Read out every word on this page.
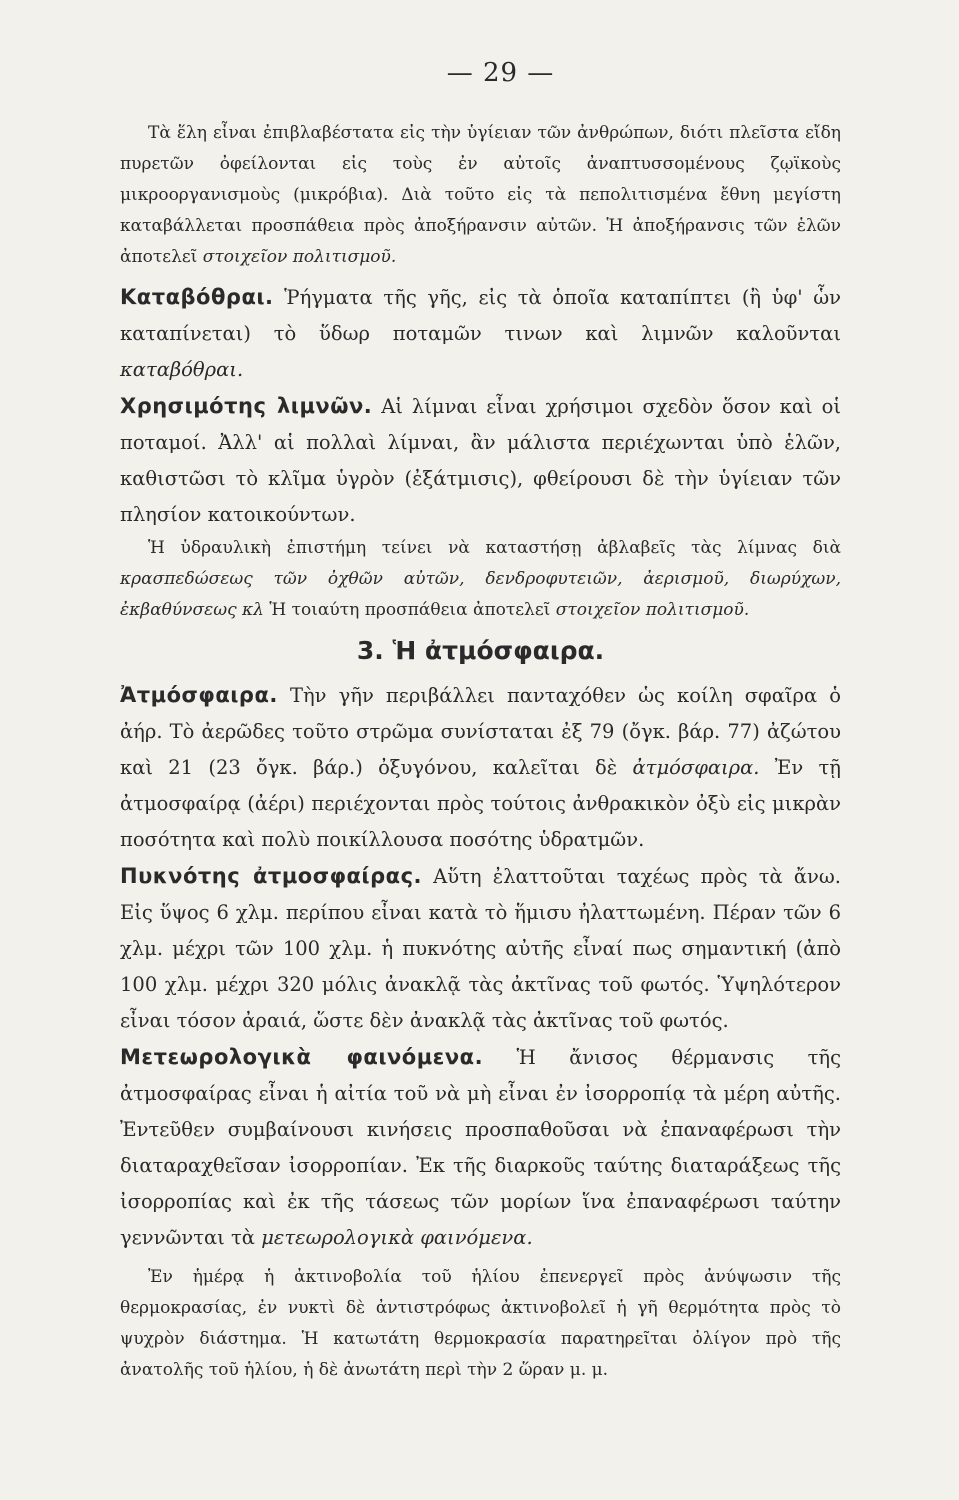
— 29 —

Τὰ ἕλη εἶναι ἐπιβλαβέστατα εἰς τὴν ὑγίειαν τῶν ἀνθρώπων, διότι πλεῖστα εἴδη πυρετῶν ὀφείλονται εἰς τοὺς ἐν αὐτοῖς ἀναπτυσσομένους ζῳϊκοὺς μικροοργανισμοὺς (μικρόβια). Διὰ τοῦτο εἰς τὰ πεπολιτισμένα ἔθνη μεγίστη καταβάλλεται προσπάθεια πρὸς ἀποξήρανσιν αὐτῶν. Ἡ ἀποξήρανσις τῶν ἑλῶν ἀποτελεῖ στοιχεῖον πολιτισμοῦ.

Καταβόθραι. Ῥήγματα τῆς γῆς, εἰς τὰ ὁποῖα καταπίπτει (ἢ ὑφ' ὧν καταπίνεται) τὸ ὕδωρ ποταμῶν τινων καὶ λιμνῶν καλοῦνται καταβόθραι.

Χρησιμότης λιμνῶν. Αἱ λίμναι εἶναι χρήσιμοι σχεδὸν ὅσον καὶ οἱ ποταμοί. Ἀλλ' αἱ πολλαὶ λίμναι, ἂν μάλιστα περιέχωνται ὑπὸ ἑλῶν, καθιστῶσι τὸ κλῖμα ὑγρὸν (ἐξάτμισις), φθείρουσι δὲ τὴν ὑγίειαν τῶν πλησίον κατοικούντων.

Ἡ ὑδραυλικὴ ἐπιστήμη τείνει νὰ καταστήσῃ ἀβλαβεῖς τὰς λίμνας διὰ κρασπεδώσεως τῶν ὀχθῶν αὐτῶν, δενδροφυτειῶν, ἀερισμοῦ, διωρύχων, ἐκβαθύνσεως κλ Ἡ τοιαύτη προσπάθεια ἀποτελεῖ στοιχεῖον πολιτισμοῦ.

3. Ἡ ἀτμόσφαιρα.

Ἀτμόσφαιρα. Τὴν γῆν περιβάλλει πανταχόθεν ὡς κοίλη σφαῖρα ὁ ἀήρ. Τὸ ἀερῶδες τοῦτο στρῶμα συνίσταται ἐξ 79 (ὄγκ. βάρ. 77) ἀζώτου καὶ 21 (23 ὄγκ. βάρ.) ὀξυγόνου, καλεῖται δὲ ἀτμόσφαιρα. Ἐν τῇ ἀτμοσφαίρᾳ (ἀέρι) περιέχονται πρὸς τούτοις ἀνθρακικὸν ὀξὺ εἰς μικρὰν ποσότητα καὶ πολὺ ποικίλλουσα ποσότης ὑδρατμῶν.

Πυκνότης ἀτμοσφαίρας. Αὕτη ἐλαττοῦται ταχέως πρὸς τὰ ἄνω. Εἰς ὕψος 6 χλμ. περίπου εἶναι κατὰ τὸ ἥμισυ ἠλαττωμένη. Πέραν τῶν 6 χλμ. μέχρι τῶν 100 χλμ. ἡ πυκνότης αὐτῆς εἶναί πως σημαντική (ἀπὸ 100 χλμ. μέχρι 320 μόλις ἀνακλᾷ τὰς ἀκτῖνας τοῦ φωτός. Ὑψηλότερον εἶναι τόσον ἀραιά, ὥστε δὲν ἀνακλᾷ τὰς ἀκτῖνας τοῦ φωτός.

Μετεωρολογικὰ φαινόμενα. Ἡ ἄνισος θέρμανσις τῆς ἀτμοσφαίρας εἶναι ἡ αἰτία τοῦ νὰ μὴ εἶναι ἐν ἰσορροπίᾳ τὰ μέρη αὐτῆς. Ἐντεῦθεν συμβαίνουσι κινήσεις προσπαθοῦσαι νὰ ἐπαναφέρωσι τὴν διαταραχθεῖσαν ἰσορροπίαν. Ἐκ τῆς διαρκοῦς ταύτης διαταράξεως τῆς ἰσορροπίας καὶ ἐκ τῆς τάσεως τῶν μορίων ἵνα ἐπαναφέρωσι ταύτην γεννῶνται τὰ μετεωρολογικὰ φαινόμενα.

Ἐν ἡμέρᾳ ἡ ἀκτινοβολία τοῦ ἡλίου ἐπενεργεῖ πρὸς ἀνύψωσιν τῆς θερμοκρασίας, ἐν νυκτὶ δὲ ἀντιστρόφως ἀκτινοβολεῖ ἡ γῆ θερμότητα πρὸς τὸ ψυχρὸν διάστημα. Ἡ κατωτάτη θερμοκρασία παρατηρεῖται ὀλίγον πρὸ τῆς ἀνατολῆς τοῦ ἡλίου, ἡ δὲ ἀνωτάτη περὶ τὴν 2 ὥραν μ. μ.
